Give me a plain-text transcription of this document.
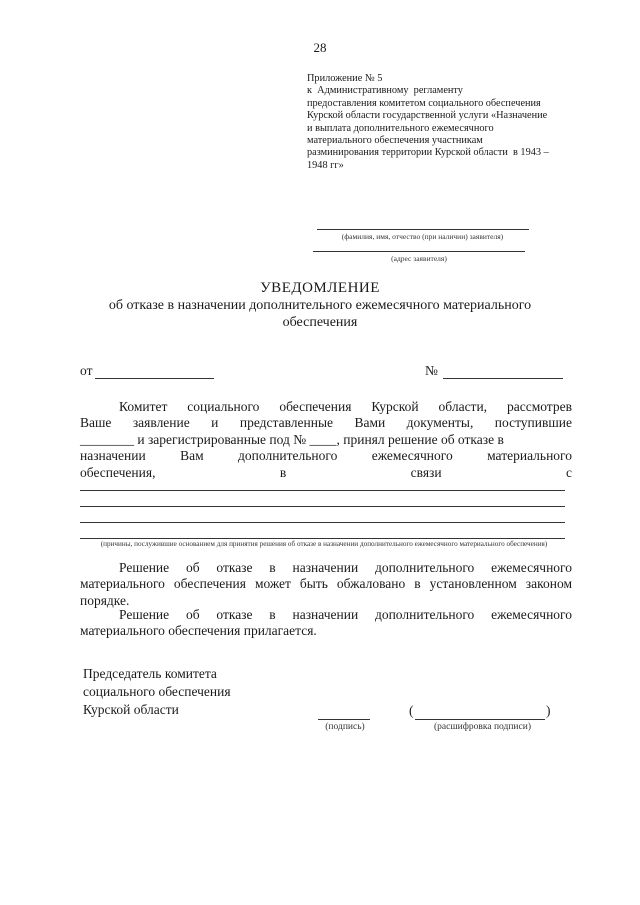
28
Приложение № 5
к  Административному  регламенту
предоставления комитетом социального обеспечения
Курской области государственной услуги «Назначение
и выплата дополнительного ежемесячного
материального обеспечения участникам
разминирования территории Курской области  в 1943 –
1948 гг»
(фамилия, имя, отчество (при наличии) заявителя)
(адрес заявителя)
УВЕДОМЛЕНИЕ
об отказе в назначении дополнительного ежемесячного материального обеспечения
от	№
Комитет социального обеспечения Курской области, рассмотрев
Ваше заявление и представленные Вами документы, поступившие
________ и зарегистрированные под № ____, принял решение об отказе в
назначении Вам дополнительного ежемесячного материального
обеспечения,	в	связи	с
(причины, послужившие основанием для принятия решения об отказе в назначении дополнительного ежемесячного материального обеспечения)
Решение об отказе в назначении дополнительного ежемесячного материального обеспечения может быть обжаловано в установленном законом порядке.
Решение об отказе в назначении дополнительного ежемесячного материального обеспечения прилагается.
Председатель комитета
социального обеспечения
Курской области
(подпись)
(	)
(расшифровка подписи)
